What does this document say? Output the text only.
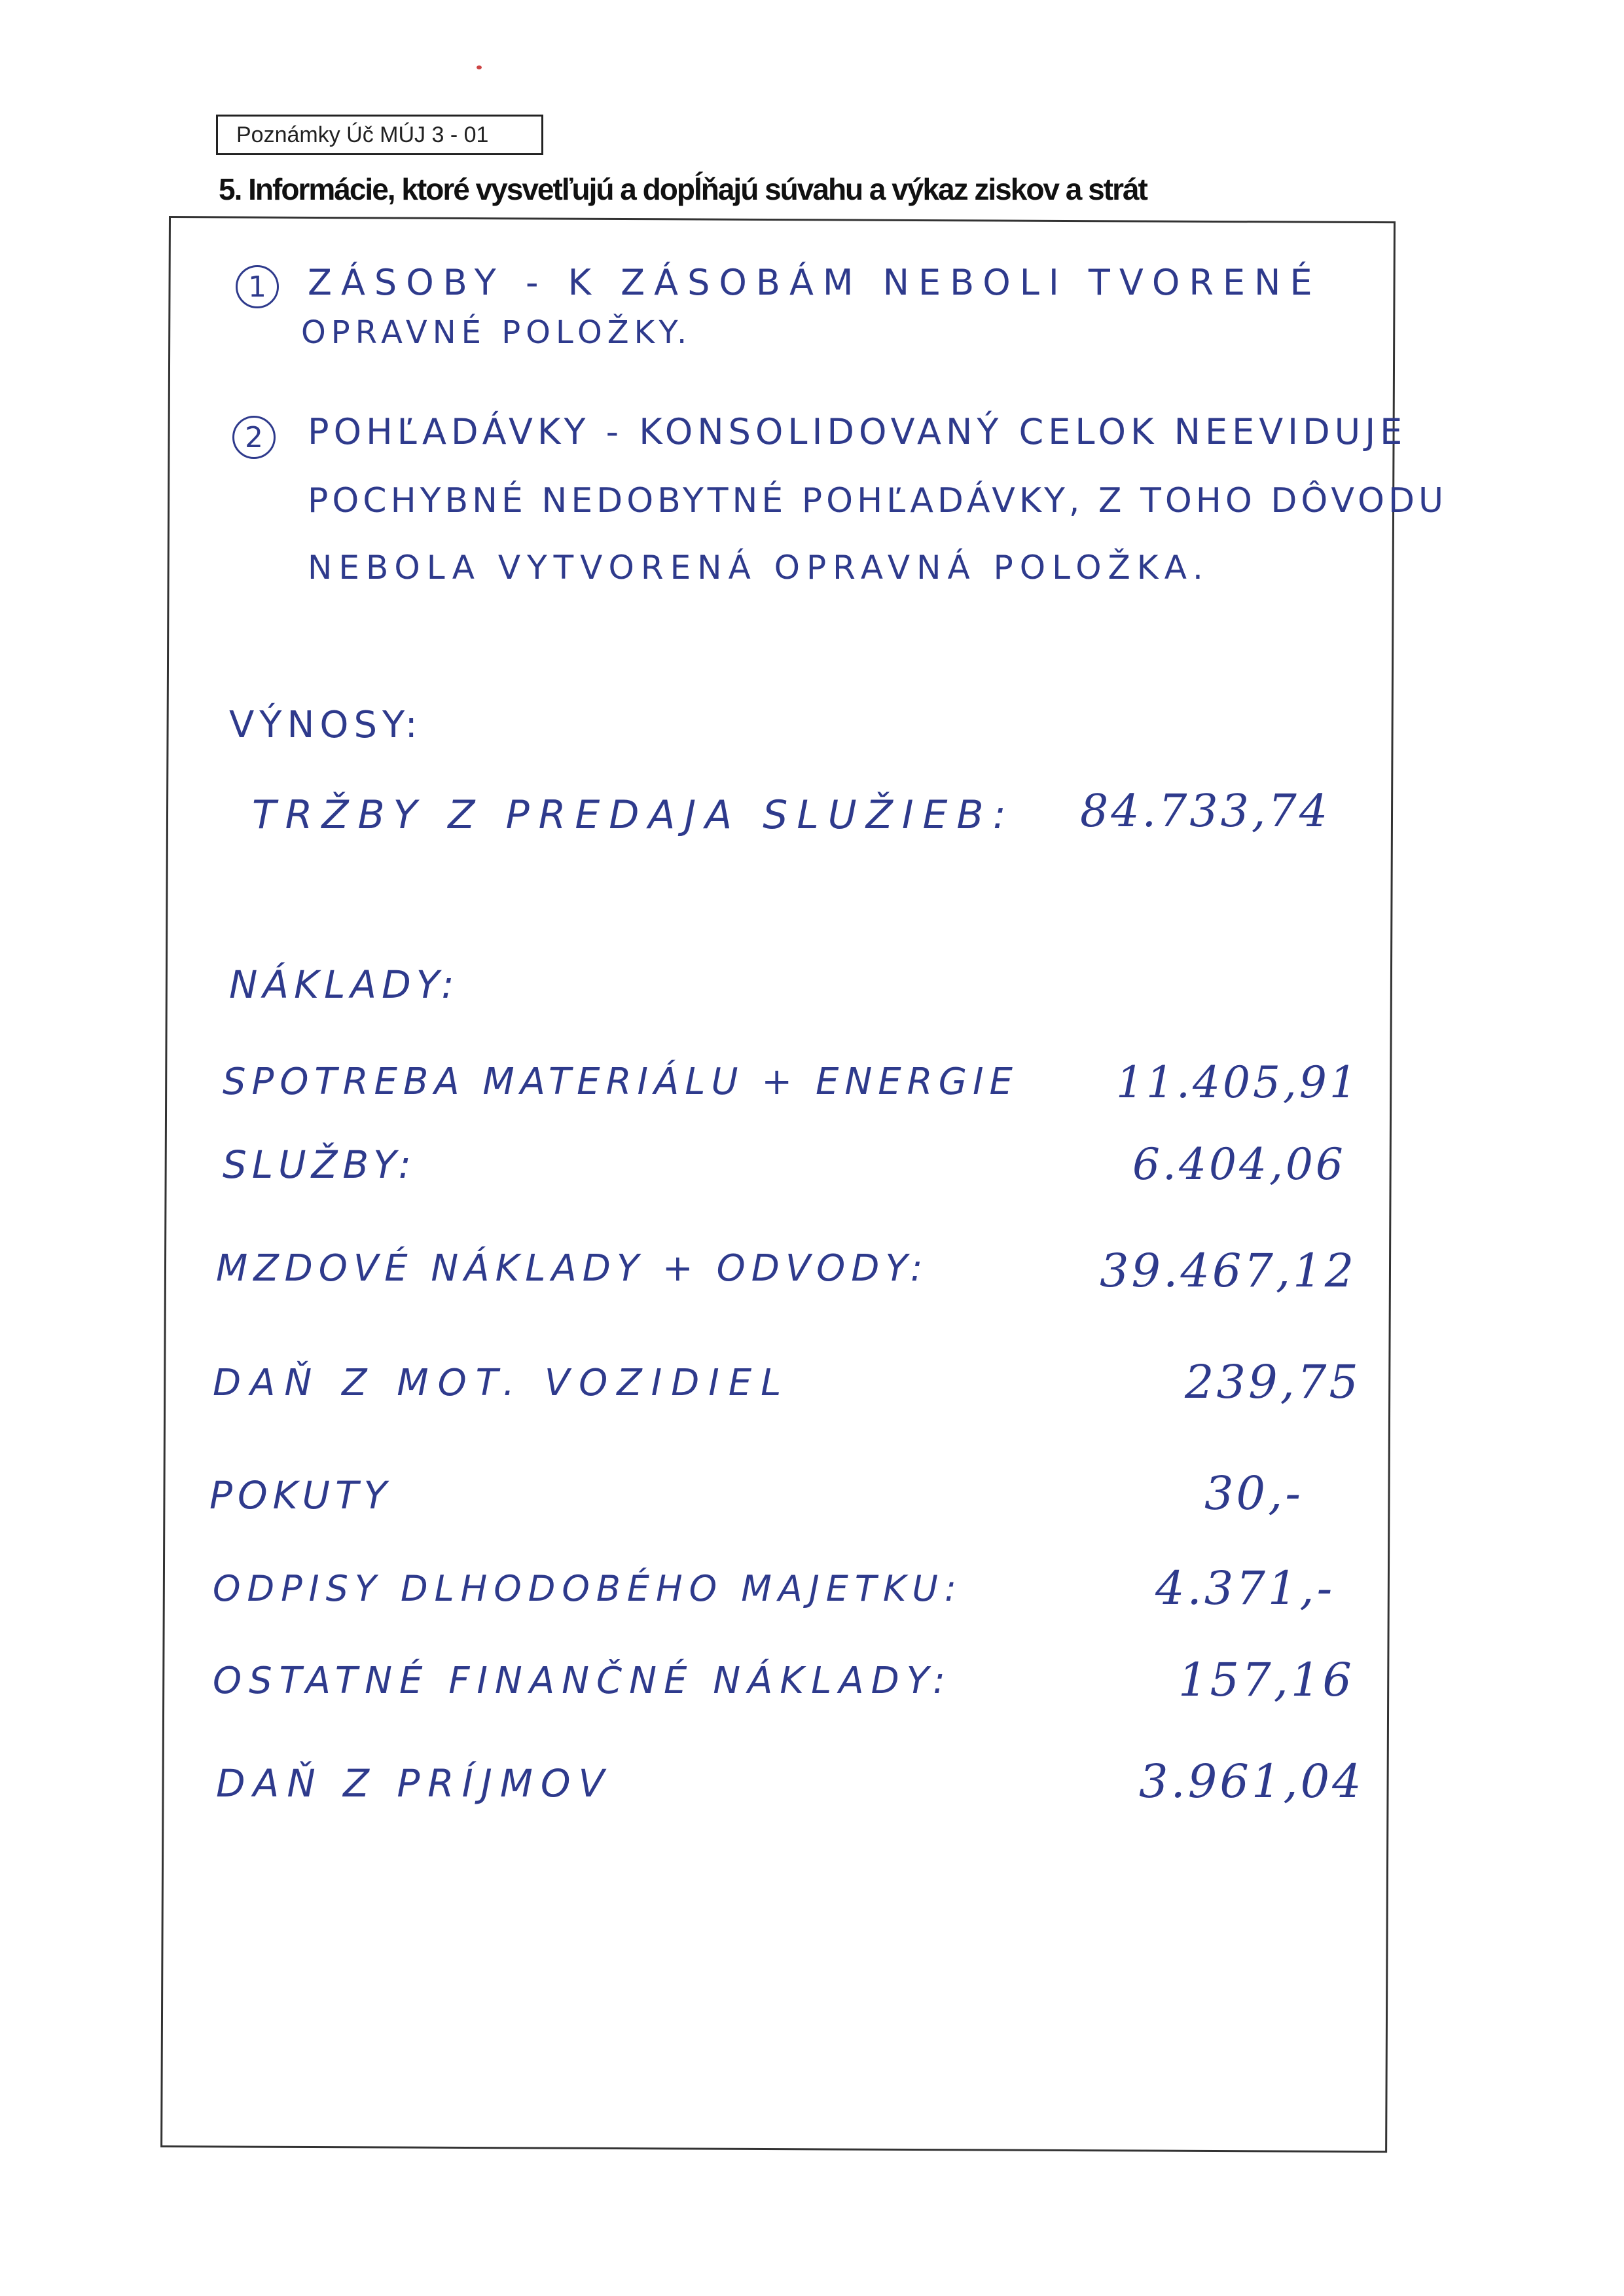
Poznámky Úč MÚJ 3 - 01
5. Informácie, ktoré vysvetľujú a dopĺňajú súvahu a výkaz ziskov a strát
1	ZÁSOBY - K ZÁSOBÁM NEBOLI TVORENÉ
OPRAVNÉ POLOŽKY.
2	POHĽADÁVKY - KONSOLIDOVANÝ CELOK NEEVIDUJE
POCHYBNÉ NEDOBYTNÉ POHĽADÁVKY, Z TOHO DÔVODU
NEBOLA VYTVORENÁ OPRAVNÁ POLOŽKA.
VÝNOSY:
TRŽBY Z PREDAJA SLUŽIEB: 84.733,74
NÁKLADY:
SPOTREBA MATERIÁLU + ENERGIE 11.405,91
SLUŽBY:	6.404,06
MZDOVÉ NÁKLADY + ODVODY:	39.467,12
DAŇ Z MOT. VOZIDIEL	239,75
POKUTY	30,-
ODPISY DLHODOBÉHO MAJETKU:	4.371,-
OSTATNÉ FINANČNÉ NÁKLADY:	157,16
DAŇ Z PRÍJMOV	3.961,04
